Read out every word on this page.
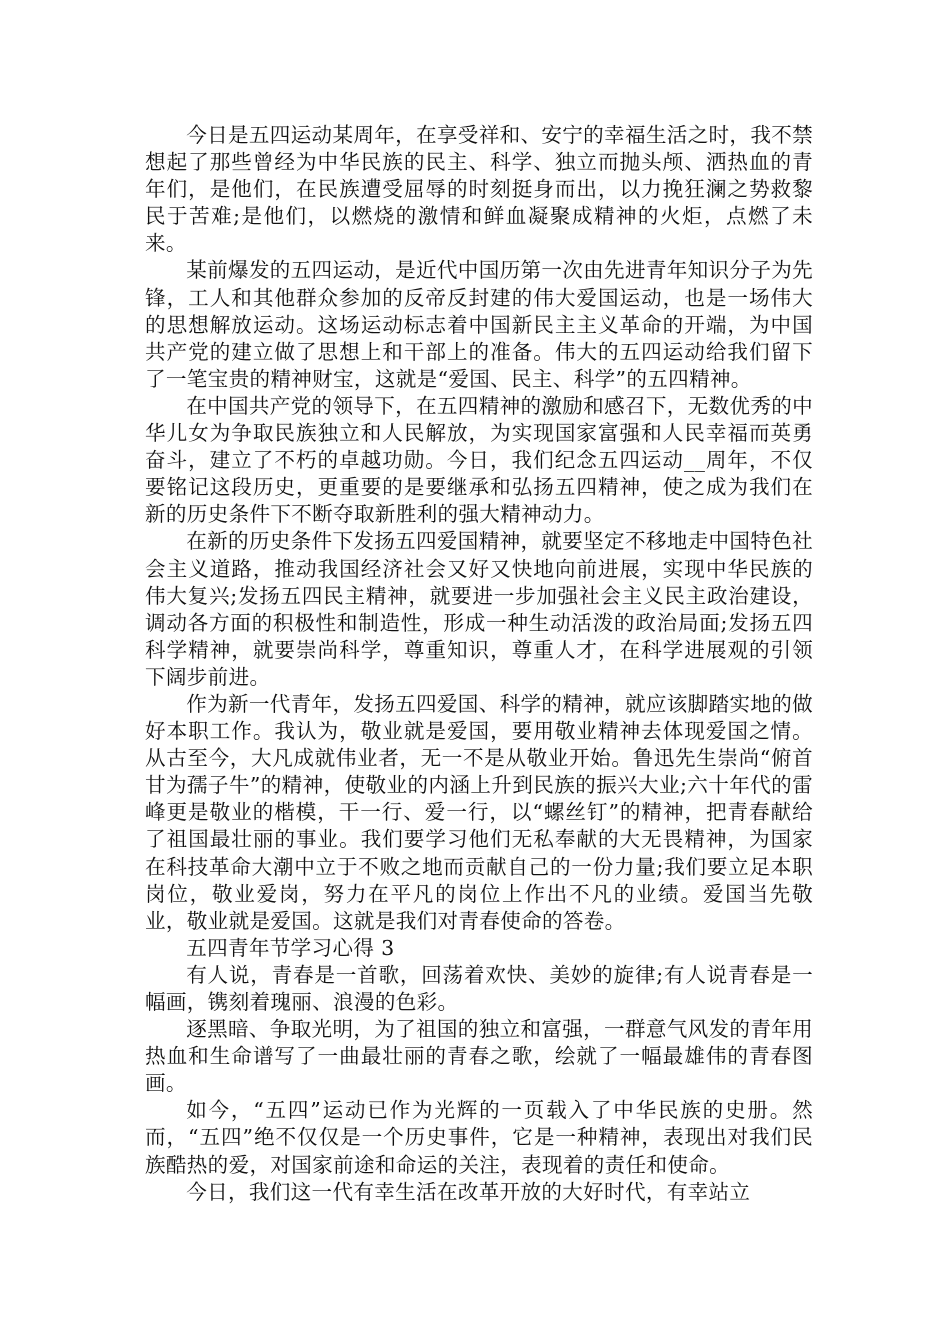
今日是五四运动某周年，在享受祥和、安宁的幸福生活之时，我不禁想起了那些曾经为中华民族的民主、科学、独立而抛头颅、洒热血的青年们，是他们，在民族遭受屈辱的时刻挺身而出，以力挽狂澜之势救黎民于苦难;是他们，以燃烧的激情和鲜血凝聚成精神的火炬，点燃了未来。

某前爆发的五四运动，是近代中国历第一次由先进青年知识分子为先锋，工人和其他群众参加的反帝反封建的伟大爱国运动，也是一场伟大的思想解放运动。这场运动标志着中国新民主主义革命的开端，为中国共产党的建立做了思想上和干部上的准备。伟大的五四运动给我们留下了一笔宝贵的精神财宝，这就是“爱国、民主、科学”的五四精神。

在中国共产党的领导下，在五四精神的激励和感召下，无数优秀的中华儿女为争取民族独立和人民解放，为实现国家富强和人民幸福而英勇奋斗，建立了不朽的卓越功勋。今日，我们纪念五四运动__周年，不仅要铭记这段历史，更重要的是要继承和弘扬五四精神，使之成为我们在新的历史条件下不断夺取新胜利的强大精神动力。

在新的历史条件下发扬五四爱国精神，就要坚定不移地走中国特色社会主义道路，推动我国经济社会又好又快地向前进展，实现中华民族的伟大复兴;发扬五四民主精神，就要进一步加强社会主义民主政治建设，调动各方面的积极性和制造性，形成一种生动活泼的政治局面;发扬五四科学精神，就要崇尚科学，尊重知识，尊重人才，在科学进展观的引领下阔步前进。

作为新一代青年，发扬五四爱国、科学的精神，就应该脚踏实地的做好本职工作。我认为，敬业就是爱国，要用敬业精神去体现爱国之情。从古至今，大凡成就伟业者，无一不是从敬业开始。鲁迅先生崇尚“俯首甘为孺子牛”的精神，使敬业的内涵上升到民族的振兴大业;六十年代的雷峰更是敬业的楷模，干一行、爱一行，以“螺丝钉”的精神，把青春献给了祖国最壮丽的事业。我们要学习他们无私奉献的大无畏精神，为国家在科技革命大潮中立于不败之地而贡献自己的一份力量;我们要立足本职岗位，敬业爱岗，努力在平凡的岗位上作出不凡的业绩。爱国当先敬业，敬业就是爱国。这就是我们对青春使命的答卷。

五四青年节学习心得 3

有人说，青春是一首歌，回荡着欢快、美妙的旋律;有人说青春是一幅画，镌刻着瑰丽、浪漫的色彩。

逐黑暗、争取光明，为了祖国的独立和富强，一群意气风发的青年用热血和生命谱写了一曲最壮丽的青春之歌，绘就了一幅最雄伟的青春图画。

如今，“五四”运动已作为光辉的一页载入了中华民族的史册。然而，“五四”绝不仅仅是一个历史事件，它是一种精神，表现出对我们民族酷热的爱，对国家前途和命运的关注，表现着的责任和使命。

今日，我们这一代有幸生活在改革开放的大好时代，有幸站立
